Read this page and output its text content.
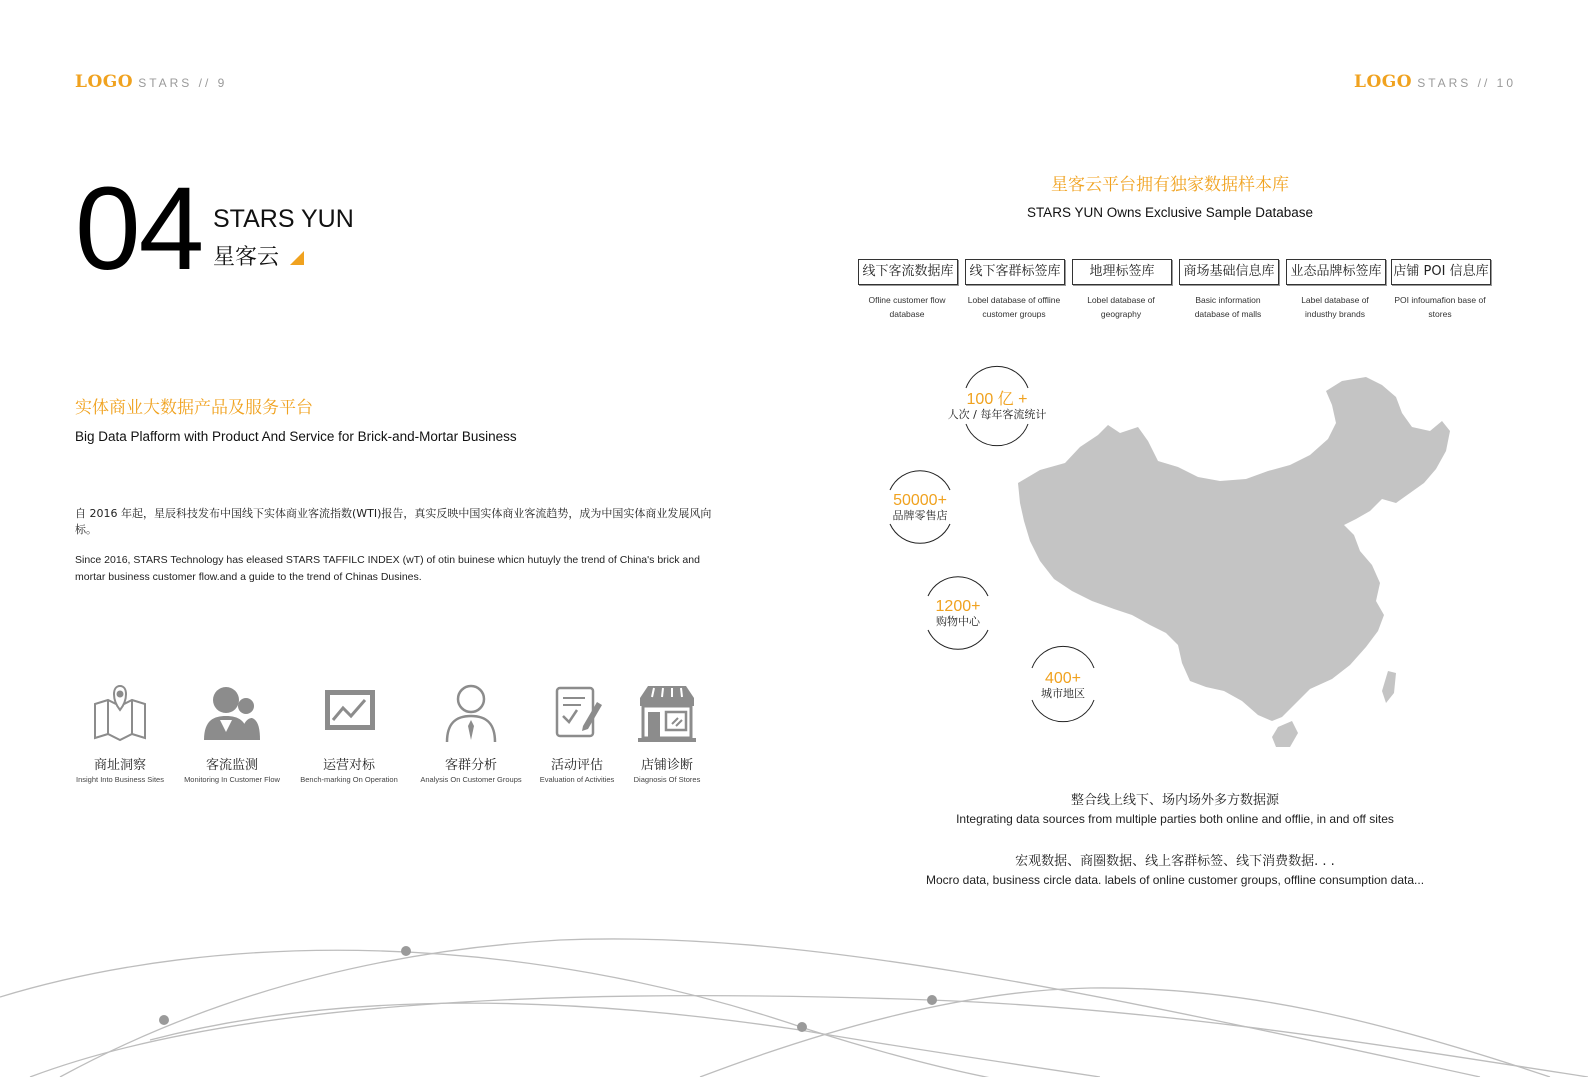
LOGO STARS // 9	LOGO STARS // 10
04 STARS YUN
星客云
实体商业大数据产品及服务平台
Big Data Plafform with Product And Service for Brick-and-Mortar Business
自 2016 年起，星辰科技发布中国线下实体商业客流指数(WTI)报告，真实反映中国实体商业客流趋势，成为中国实体商业发展风向标。
Since 2016, STARS Technology has eleased STARS TAFFILC INDEX (wT) of otin buinese whicn hutuyly the trend of China's brick and mortar business customer flow.and a guide to the trend of Chinas Dusines.
商址洞察
Insight Into Business Sites
客流监测
Monitoring In Customer Flow
运营对标
Bench-marking On Operation
客群分析
Analysis On Customer Groups
活动评估
Evaluation of Activities
店铺诊断
Diagnosis Of Stores
星客云平台拥有独家数据样本库
STARS YUN Owns Exclusive Sample Database
线下客流数据库	线下客群标签库	地理标签库	商场基础信息库	业态品牌标签库 店铺 POI 信息库
Ofline customer flow database
Lobel database of offline customer groups
Lobel database of geography
Basic information database of malls
Label database of industhy brands
POI infoumafion base of stores
100 亿 +
人次 / 每年客流统计
50000+
品牌零售店
1200+
购物中心
400+
城市地区
整合线上线下、场内场外多方数据源
Integrating data sources from multiple parties both online and offlie, in and off sites
宏观数据、商圈数据、线上客群标签、线下消费数据. . .
Mocro data, business circle data. labels of online customer groups, offline consumption data...
